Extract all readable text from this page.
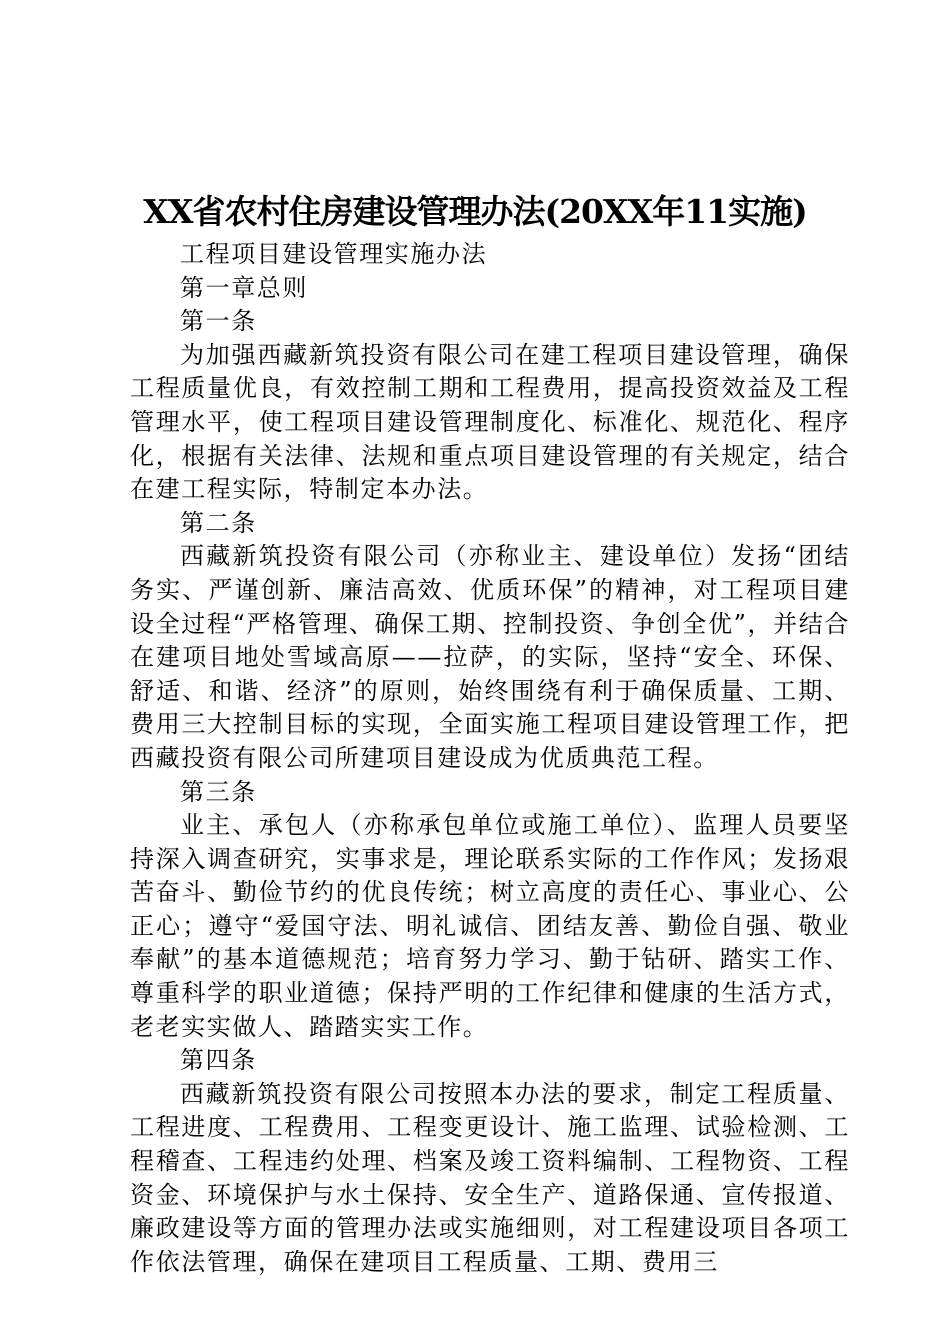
XX省农村住房建设管理办法(20XX年11实施)

工程项目建设管理实施办法

第一章总则

第一条

为加强西藏新筑投资有限公司在建工程项目建设管理，确保工程质量优良，有效控制工期和工程费用，提高投资效益及工程管理水平，使工程项目建设管理制度化、标准化、规范化、程序化，根据有关法律、法规和重点项目建设管理的有关规定，结合在建工程实际，特制定本办法。

第二条

西藏新筑投资有限公司（亦称业主、建设单位）发扬“团结务实、严谨创新、廉洁高效、优质环保”的精神，对工程项目建设全过程“严格管理、确保工期、控制投资、争创全优”，并结合在建项目地处雪域高原——拉萨，的实际，坚持“安全、环保、舒适、和谐、经济”的原则，始终围绕有利于确保质量、工期、费用三大控制目标的实现，全面实施工程项目建设管理工作，把西藏投资有限公司所建项目建设成为优质典范工程。

第三条

业主、承包人（亦称承包单位或施工单位）、监理人员要坚持深入调查研究，实事求是，理论联系实际的工作作风；发扬艰苦奋斗、勤俭节约的优良传统；树立高度的责任心、事业心、公正心；遵守“爱国守法、明礼诚信、团结友善、勤俭自强、敬业奉献”的基本道德规范；培育努力学习、勤于钻研、踏实工作、尊重科学的职业道德；保持严明的工作纪律和健康的生活方式，老老实实做人、踏踏实实工作。

第四条

西藏新筑投资有限公司按照本办法的要求，制定工程质量、工程进度、工程费用、工程变更设计、施工监理、试验检测、工程稽查、工程违约处理、档案及竣工资料编制、工程物资、工程资金、环境保护与水土保持、安全生产、道路保通、宣传报道、廉政建设等方面的管理办法或实施细则，对工程建设项目各项工作依法管理，确保在建项目工程质量、工期、费用三
